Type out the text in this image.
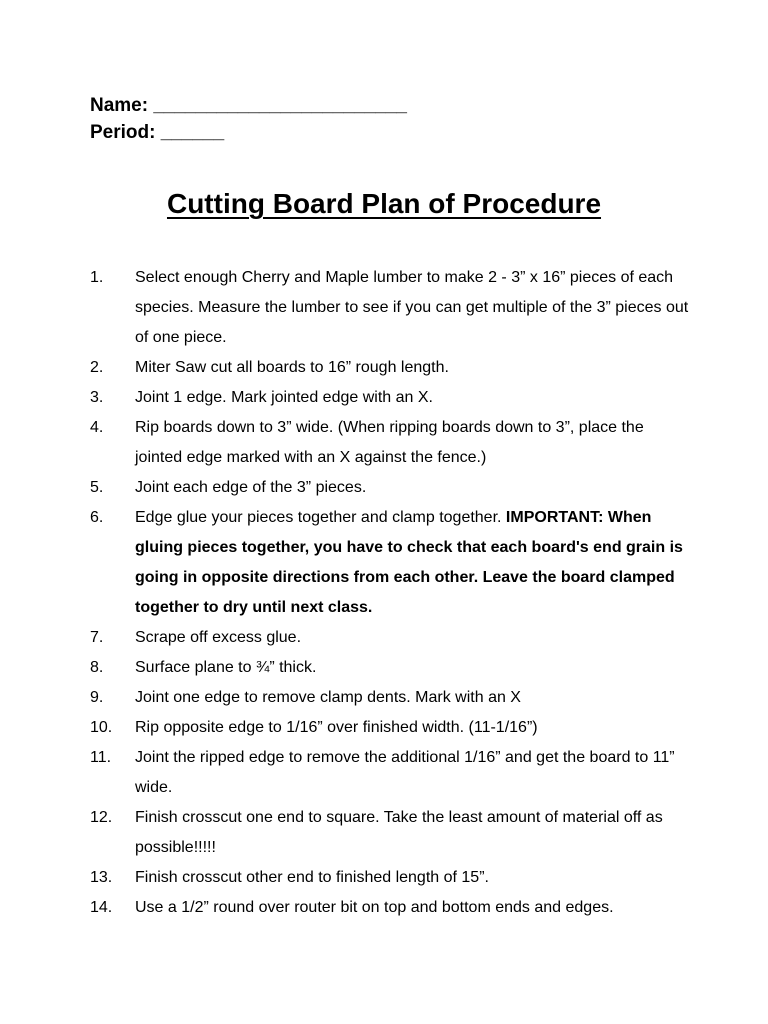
Name: ________________________
Period: ______
Cutting Board Plan of Procedure
1.	Select enough Cherry and Maple lumber to make 2 - 3” x 16” pieces of each species. Measure the lumber to see if you can get multiple of the 3” pieces out of one piece.
2.	Miter Saw cut all boards to 16” rough length.
3.	Joint 1 edge. Mark jointed edge with an X.
4.	Rip boards down to 3” wide. (When ripping boards down to 3”, place the jointed edge marked with an X against the fence.)
5.	Joint each edge of the 3” pieces.
6.	Edge glue your pieces together and clamp together. IMPORTANT: When gluing pieces together, you have to check that each board's end grain is going in opposite directions from each other. Leave the board clamped together to dry until next class.
7.	Scrape off excess glue.
8.	Surface plane to ¾” thick.
9.	Joint one edge to remove clamp dents. Mark with an X
10.	Rip opposite edge to 1/16” over finished width. (11-1/16”)
11.	Joint the ripped edge to remove the additional 1/16” and get the board to 11” wide.
12.	Finish crosscut one end to square. Take the least amount of material off as possible!!!!!
13.	Finish crosscut other end to finished length of 15”.
14.	Use a 1/2” round over router bit on top and bottom ends and edges.
